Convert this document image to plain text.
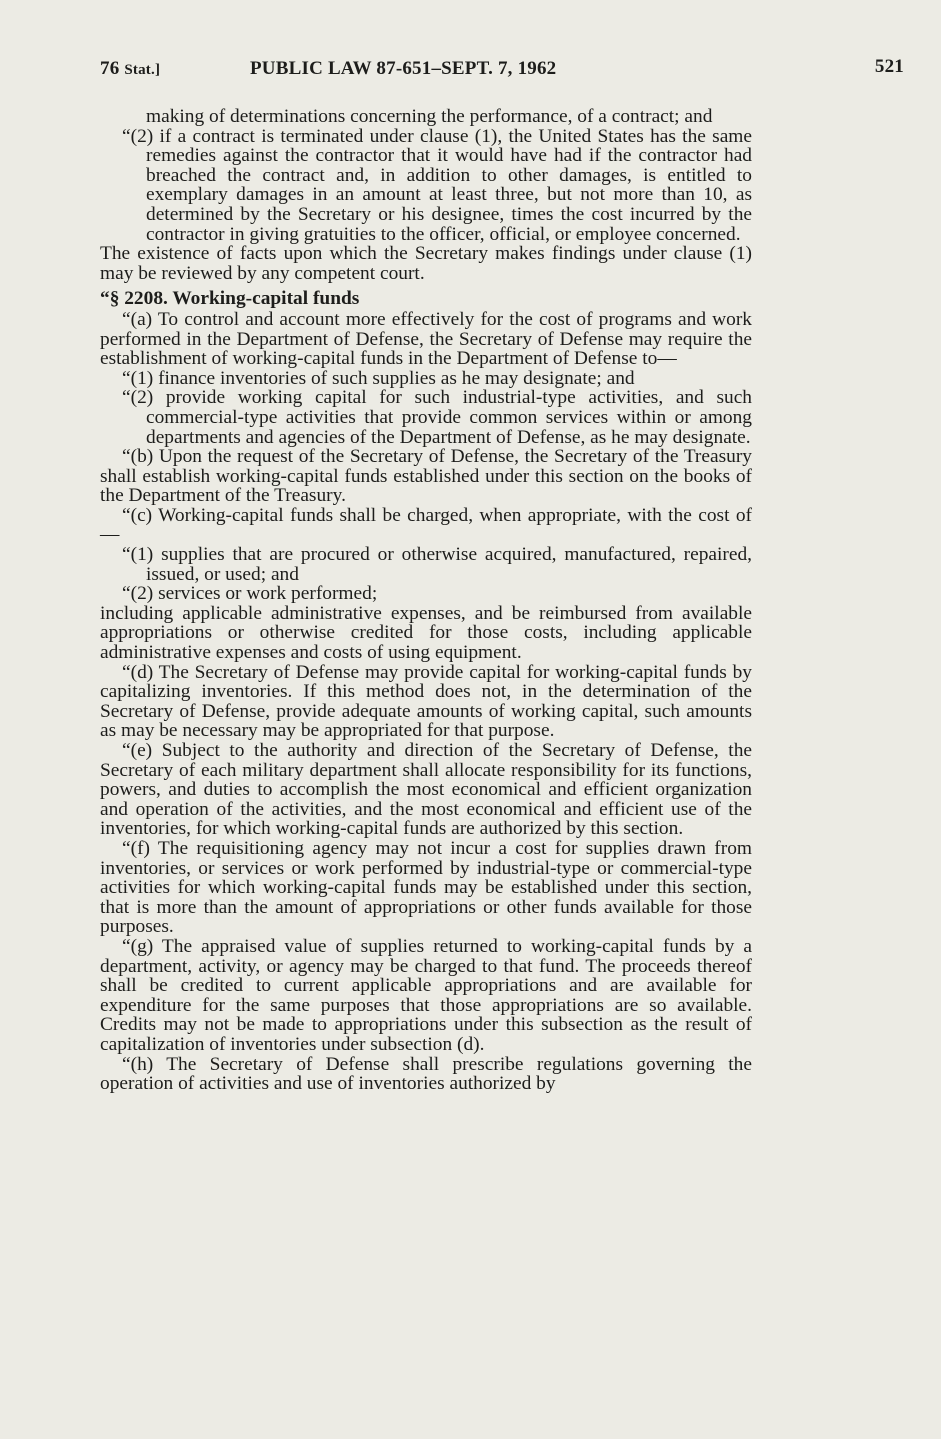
76 Stat.]	PUBLIC LAW 87-651–SEPT. 7, 1962	521

making of determinations concerning the performance, of a contract; and

“(2) if a contract is terminated under clause (1), the United States has the same remedies against the contractor that it would have had if the contractor had breached the contract and, in addition to other damages, is entitled to exemplary damages in an amount at least three, but not more than 10, as determined by the Secretary or his designee, times the cost incurred by the contractor in giving gratuities to the officer, official, or employee concerned.

The existence of facts upon which the Secretary makes findings under clause (1) may be reviewed by any competent court.

“§ 2208. Working-capital funds

“(a) To control and account more effectively for the cost of programs and work performed in the Department of Defense, the Secretary of Defense may require the establishment of working-capital funds in the Department of Defense to—

“(1) finance inventories of such supplies as he may designate; and

“(2) provide working capital for such industrial-type activities, and such commercial-type activities that provide common services within or among departments and agencies of the Department of Defense, as he may designate.

“(b) Upon the request of the Secretary of Defense, the Secretary of the Treasury shall establish working-capital funds established under this section on the books of the Department of the Treasury.

“(c) Working-capital funds shall be charged, when appropriate, with the cost of—

“(1) supplies that are procured or otherwise acquired, manufactured, repaired, issued, or used; and

“(2) services or work performed;

including applicable administrative expenses, and be reimbursed from available appropriations or otherwise credited for those costs, including applicable administrative expenses and costs of using equipment.

“(d) The Secretary of Defense may provide capital for working-capital funds by capitalizing inventories. If this method does not, in the determination of the Secretary of Defense, provide adequate amounts of working capital, such amounts as may be necessary may be appropriated for that purpose.

“(e) Subject to the authority and direction of the Secretary of Defense, the Secretary of each military department shall allocate responsibility for its functions, powers, and duties to accomplish the most economical and efficient organization and operation of the activities, and the most economical and efficient use of the inventories, for which working-capital funds are authorized by this section.

“(f) The requisitioning agency may not incur a cost for supplies drawn from inventories, or services or work performed by industrial-type or commercial-type activities for which working-capital funds may be established under this section, that is more than the amount of appropriations or other funds available for those purposes.

“(g) The appraised value of supplies returned to working-capital funds by a department, activity, or agency may be charged to that fund. The proceeds thereof shall be credited to current applicable appropriations and are available for expenditure for the same purposes that those appropriations are so available. Credits may not be made to appropriations under this subsection as the result of capitalization of inventories under subsection (d).

“(h) The Secretary of Defense shall prescribe regulations governing the operation of activities and use of inventories authorized by
